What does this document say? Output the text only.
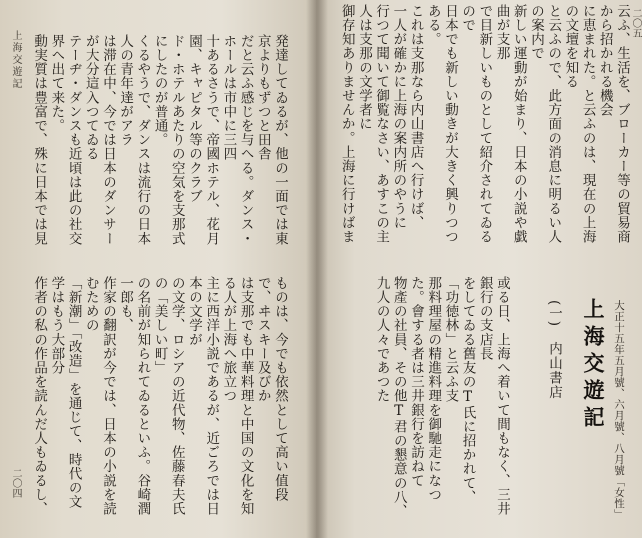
上海交遊記
二〇四
発達してゐるが、他の一面では東京よりもずつと田舎
だと云ふ感じを与へる。ダンス・ホールは市中に三四
十あるさうで、帝國ホテル、花月園、キャピタル等のクラブ
ド・ホテルあたりの空気を支那式にしたのが普通。
くるやうで、ダンスは流行の日本人の青年達がアラ
は滞在中、今では日本のダンサーが大分這入つてゐる
テーヂ・ダンスも近頃は此の社交界へ出て来た。
動実質は豊富で、殊に日本では見

ものは、今でも依然として高い值段で、ヰスキー及びか
は支那でも中華料理と中国の文化を知る人が上海へ旅立つ
主に西洋小説であるが、近ごろでは日本の文学が
の文学、ロシアの近代物、佐藤春夫氏の「美しい町」
の名前が知られてゐるといふ。谷崎潤一郎も、
作家の翻訳が今では、日本の小説を読むための
「新潮」「改造」を通じて、時代の文学はもう大部分
作者の私の作品を読んだ人もゐるし、

二〇五
云ふ、生活を、ブローカー等の貿易商から招かれる機会
に恵まれた。と云ふのは、現在の上海の文壇を知る
と云ふので、此方面の消息に明るい人の案内で
新しい運動が始まり、日本の小説や戯曲が支那
で目新しいものとして紹介されてゐるので
日本でも新しい動きが大きく興りつつある。
これは支那なら内山書店へ行けば、
一人が確かに上海の案内所のやうに
行つて聞いて御覧なさい、あすこの主人は支那の文学者に
御存知ありませんか。上海に行けばま

大正十五年五月號、六月號、八月號「女性」
上海交遊記
(一)　内山書店
或る日、上海へ着いて間もなく、三井銀行の支店長
をしてゐる舊友のT氏に招かれて、「功徳林」と云ふ支
那料理屋の精進料理を御馳走になつた。會する者は三井銀行を訪ねて
物產の社員、その他T君の懇意の八、九人の人々であつた
